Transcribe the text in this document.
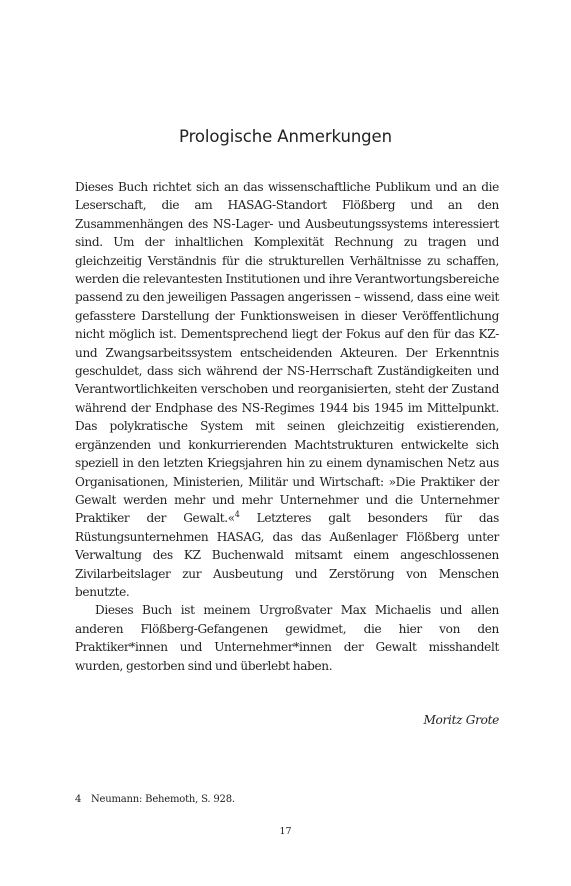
Prologische Anmerkungen

Dieses Buch richtet sich an das wissenschaftliche Publikum und an die Leserschaft, die am HASAG-Standort Flößberg und an den Zusammenhängen des NS-Lager- und Ausbeutungssystems interessiert sind. Um der inhaltlichen Komplexität Rechnung zu tragen und gleichzeitig Verständnis für die strukturellen Verhältnisse zu schaffen, werden die relevantesten Institutionen und ihre Verantwortungsbereiche passend zu den jeweiligen Passagen angerissen – wissend, dass eine weit gefasstere Darstellung der Funktionsweisen in dieser Veröffentlichung nicht möglich ist. Dementsprechend liegt der Fokus auf den für das KZ- und Zwangsarbeitssystem entscheidenden Akteuren. Der Erkenntnis geschuldet, dass sich während der NS-Herrschaft Zuständigkeiten und Verantwortlichkeiten verschoben und reorganisierten, steht der Zustand während der Endphase des NS-Regimes 1944 bis 1945 im Mittelpunkt. Das polykratische System mit seinen gleichzeitig existierenden, ergänzenden und konkurrierenden Machtstrukturen entwickelte sich speziell in den letzten Kriegsjahren hin zu einem dynamischen Netz aus Organisationen, Ministerien, Militär und Wirtschaft: »Die Praktiker der Gewalt werden mehr und mehr Unternehmer und die Unternehmer Praktiker der Gewalt.«$^4$ Letzteres galt besonders für das Rüstungsunternehmen HASAG, das das Außenlager Flößberg unter Verwaltung des KZ Buchenwald mitsamt einem angeschlossenen Zivilarbeitslager zur Ausbeutung und Zerstörung von Menschen benutzte.

Dieses Buch ist meinem Urgroßvater Max Michaelis und allen anderen Flößberg-Gefangenen gewidmet, die hier von den Praktiker*innen und Unternehmer*innen der Gewalt misshandelt wurden, gestorben sind und überlebt haben.

Moritz Grote
4 Neumann: Behemoth, S. 928.
17
